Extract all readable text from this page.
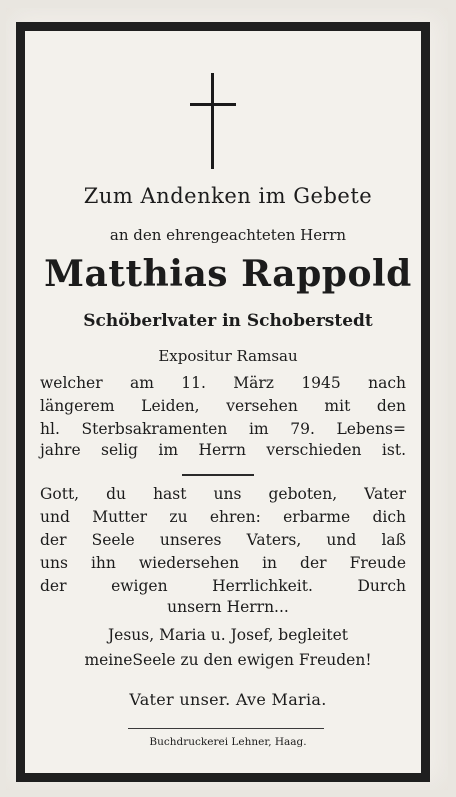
Zum Andenken im Gebete
an den ehrengeachteten Herrn
Matthias Rappold
Schöberlvater in Schoberstedt
Expositur Ramsau
welcher am 11. März 1945 nach
längerem Leiden, versehen mit den
hl. Sterbsakramenten im 79. Lebens=
jahre selig im Herrn verschieden ist.
Gott, du hast uns geboten, Vater
und Mutter zu ehren: erbarme dich
der Seele unseres Vaters, und laß
uns ihn wiedersehen in der Freude
der ewigen Herrlichkeit. Durch
unsern Herrn...
Jesus, Maria u. Josef, begleitet
meineSeele zu den ewigen Freuden!
Vater unser. Ave Maria.
Buchdruckerei Lehner, Haag.
